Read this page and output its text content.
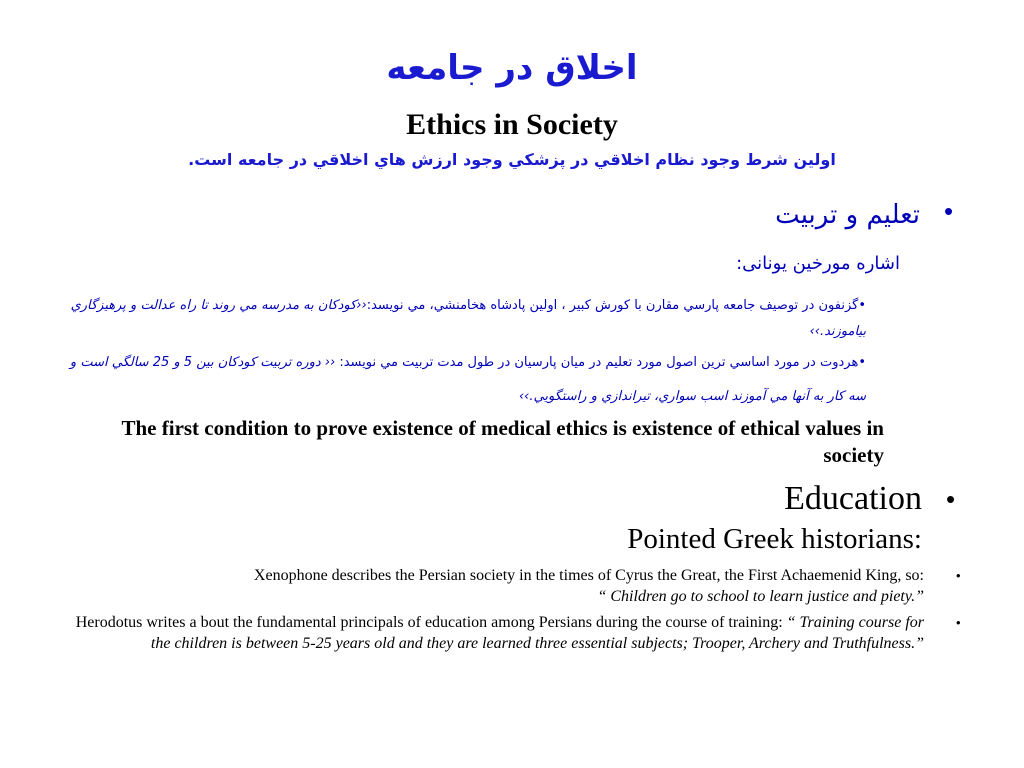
اخلاق در جامعه
Ethics in Society
اولين شرط وجود نظام اخلاقي در پزشكي وجود ارزش هاي اخلاقي در جامعه است.
•
تعليم و تربيت
اشاره مورخين يونانی:
•گزنفون در توصيف جامعه پارسي مقارن با كورش كبير ، اولين پادشاه هخامنشي، مي نويسد:‹‹كودكان به مدرسه مي روند تا راه عدالت و پرهيزگاري بياموزند.››
•هردوت در مورد اساسي ترين اصول مورد تعليم در ميان پارسيان در طول مدت تربيت مي نويسد: ‹‹ دوره تربيت كودكان بين 5 و 25 سالگي است و سه كار به آنها مي آموزند اسب سواري، تيراندازي و راستگويي.››
The first condition to prove existence of medical ethics is existence of ethical values in society
•
Education
Pointed Greek historians:
•
Xenophone describes the Persian society in the times of Cyrus the Great, the First Achaemenid King, so:
“ Children go to school to learn justice and piety.”
•
Herodotus writes a bout the fundamental principals of education among Persians during the course of training: “ Training course for the children is between 5-25 years old and they are learned three essential subjects; Trooper, Archery and Truthfulness.”
